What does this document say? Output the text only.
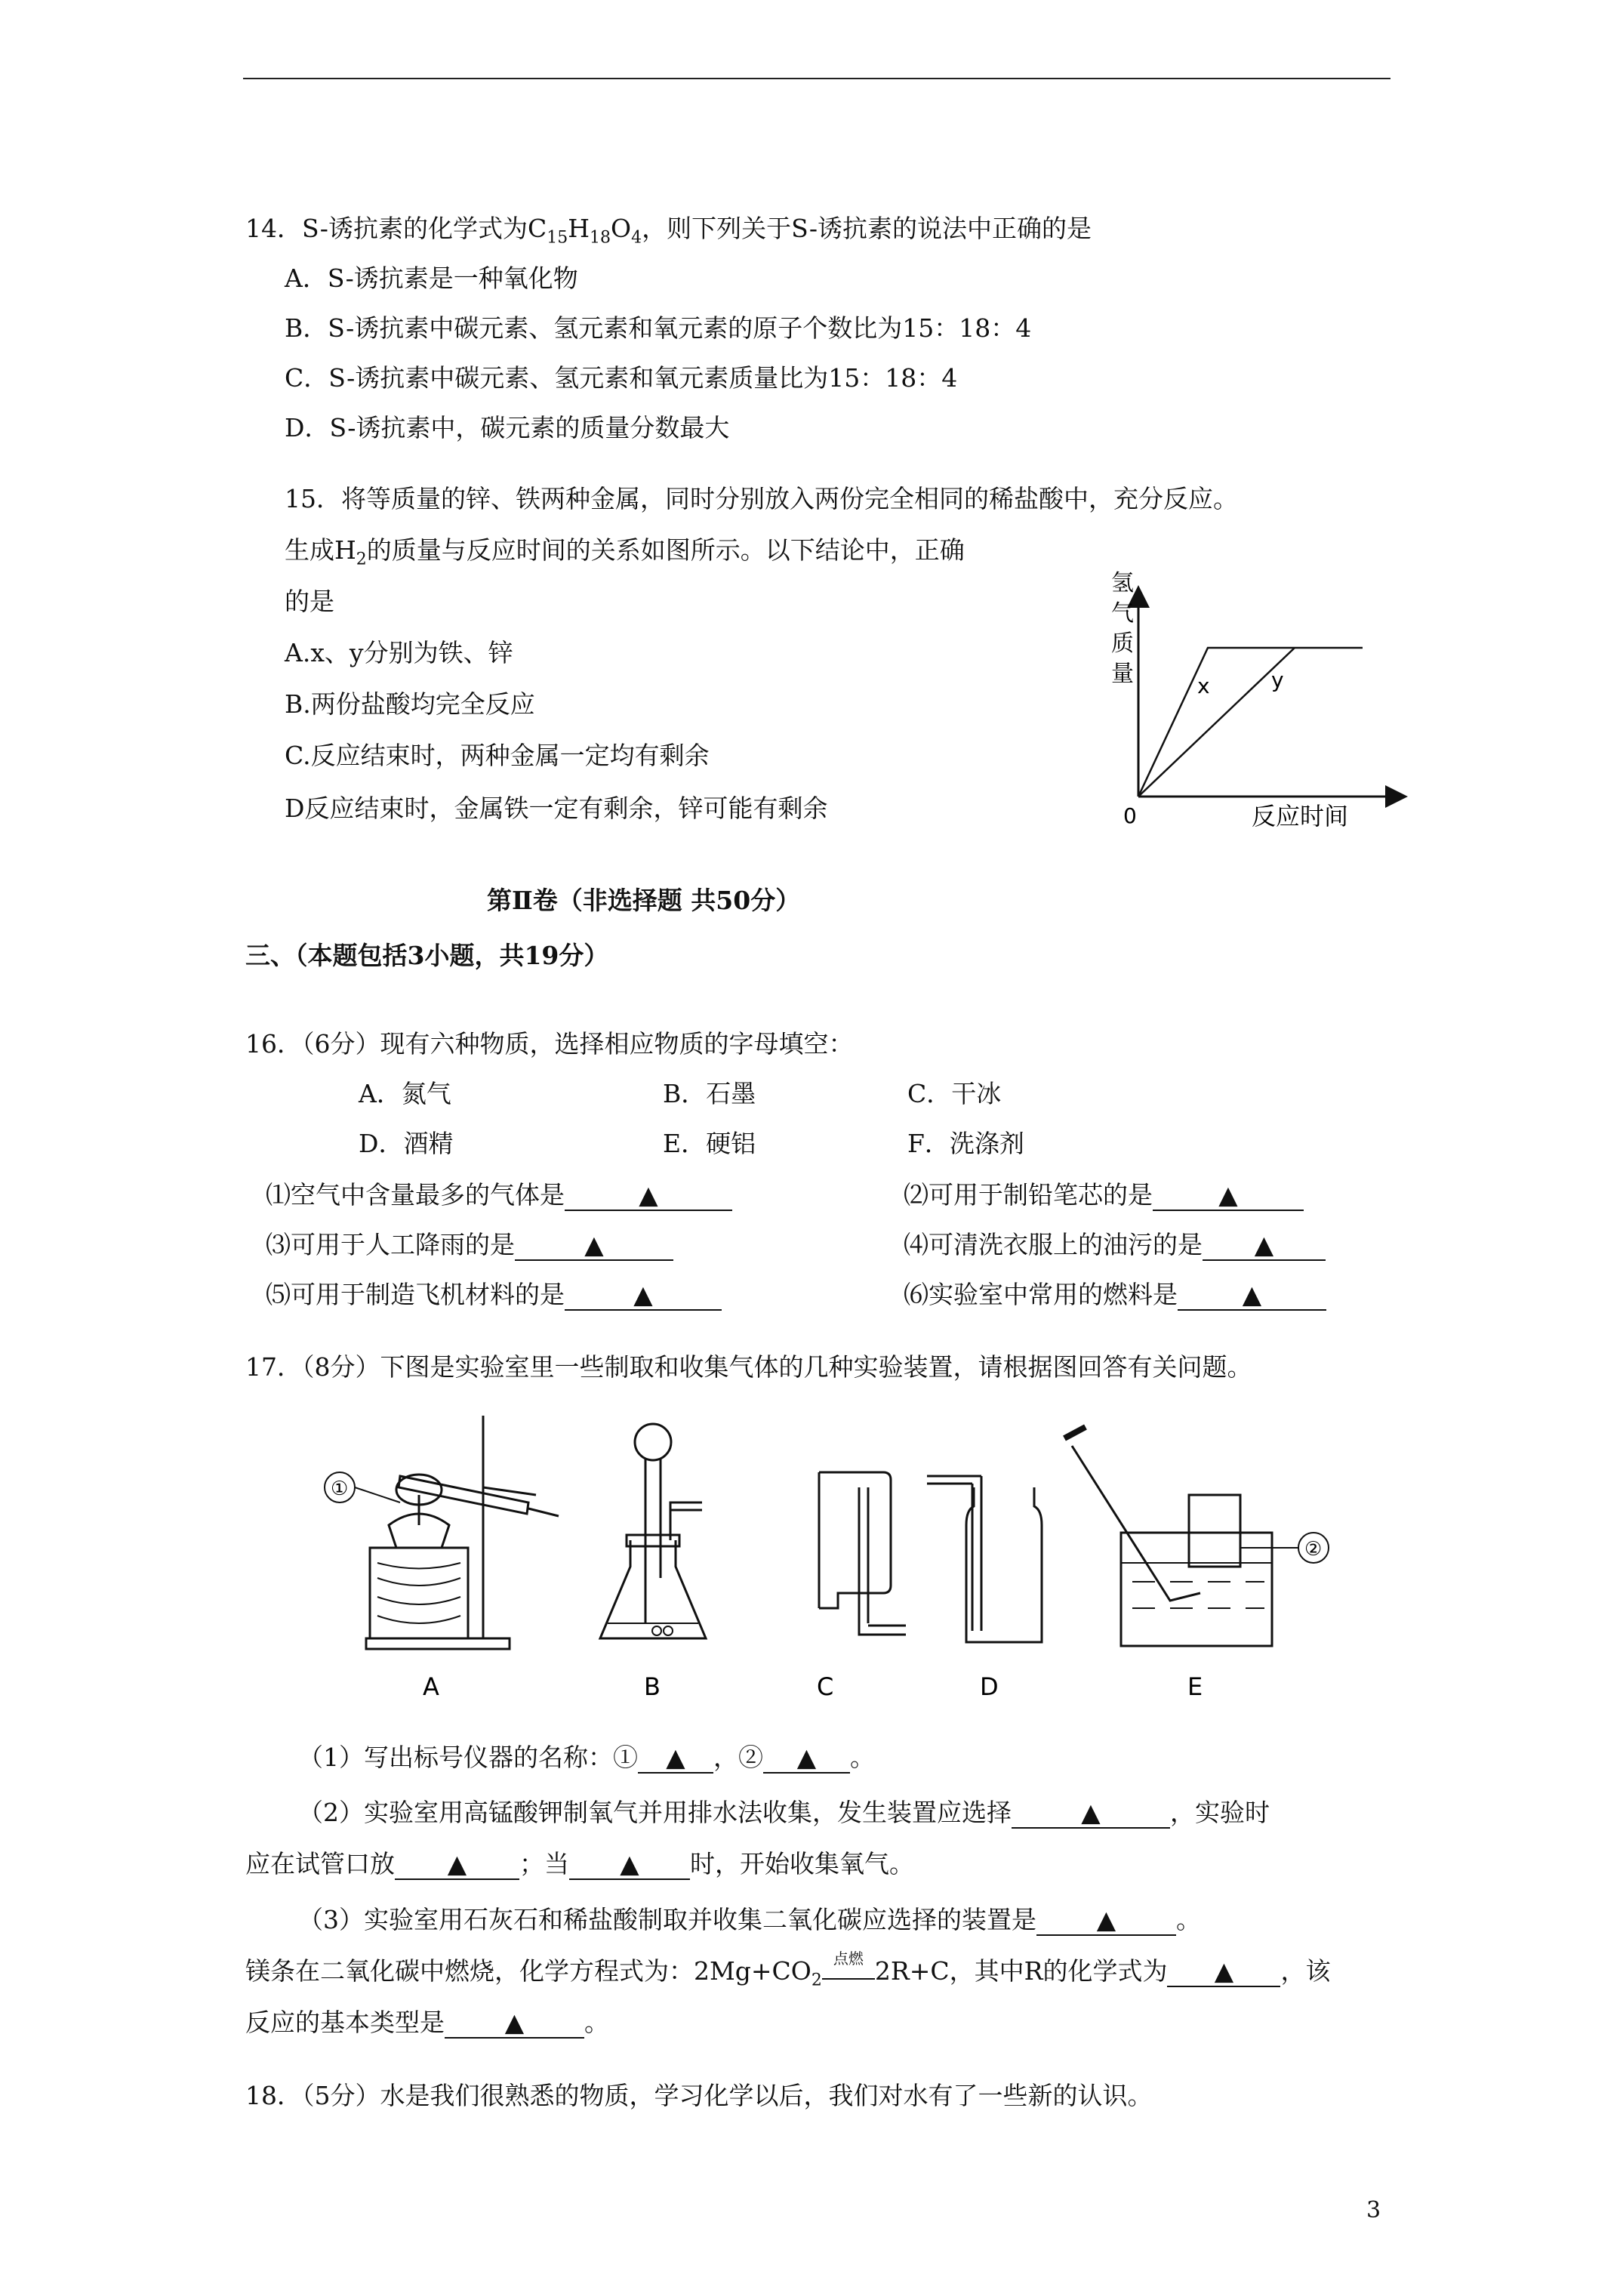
14．S-诱抗素的化学式为$C_{15}H_{18}O_4$，则下列关于S-诱抗素的说法中正确的是
A．S-诱抗素是一种氧化物
B．S-诱抗素中碳元素、氢元素和氧元素的原子个数比为15：18：4
C．S-诱抗素中碳元素、氢元素和氧元素质量比为15：18：4
D．S-诱抗素中，碳元素的质量分数最大
15．将等质量的锌、铁两种金属，同时分别放入两份完全相同的稀盐酸中，充分反应。
生成$H_2$的质量与反应时间的关系如图所示。以下结论中，正确
的是
A.x、y分别为铁、锌
B.两份盐酸均完全反应
C.反应结束时，两种金属一定均有剩余
D反应结束时，金属铁一定有剩余，锌可能有剩余
氢
气
质
量	x	y
0	反应时间
第Ⅱ卷（非选择题 共50分）
三、（本题包括3小题，共19分）
16．（6分）现有六种物质，选择相应物质的字母填空：
A．氮气	B．石墨	C．干冰
D．酒精	E．硬铝	F．洗涤剂
⑴空气中含量最多的气体是	▲	⑵可用于制铅笔芯的是	▲
⑶可用于人工降雨的是	▲	⑷可清洗衣服上的油污的是 ▲
⑸可用于制造飞机材料的是	▲	⑹实验室中常用的燃料是	▲
17．（8分）下图是实验室里一些制取和收集气体的几种实验装置，请根据图回答有关问题。
①
②
A	B	C	D	E
（1）写出标号仪器的名称：① ▲ ，② ▲ 。
（2）实验室用高锰酸钾制氧气并用排水法收集，发生装置应选择	▲	，实验时
应在试管口放 ▲ ；当 ▲ 时，开始收集氧气。
（3）实验室用石灰石和稀盐酸制取并收集二氧化碳应选择的装置是 ▲ 。
镁条在二氧化碳中燃烧，化学方程式为：$2Mg+CO_2$
点燃 2R+C，其中R的化学式为 ▲ ，该
反应的基本类型是 ▲ 。
18．（5分）水是我们很熟悉的物质，学习化学以后，我们对水有了一些新的认识。
3
